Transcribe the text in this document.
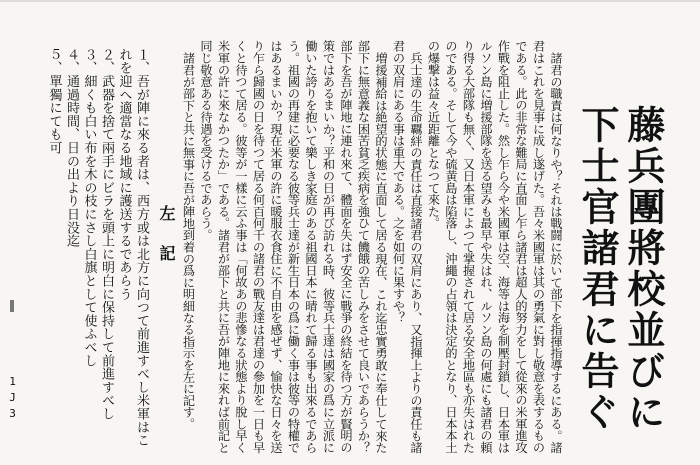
藤兵團將校並びに下士官諸君に告ぐ

諸君の職責は何なりや？それは戰闘に於いて部下を指揮指導するにある。諸君はこれを見事に成し遂げた。吾々米國軍は其の勇氣に對し敬意を表するものである。此の非常な難局に直面し乍ら諸君は超人的努力をして從來の米軍進攻作戰を阻止した。然し乍ら今や米國軍は空、海等は海を制壓封鎖し、日本軍はルソン島に増援部隊を送る望みも最早や失はれ、ルソン島の何處にも諸君の頼り得る大部隊も無く、又日本軍によつて掌握されて居る安全地區も亦失はれたのである。そして今や硫黄島は陷落し、沖繩の占領は決定的となり、日本本土の爆撃は益々近距離となつて來た。

兵士達の生命覊絆の責任は直接諸君の双肩にあり、又指揮上よりの責任も諸君の双肩にある事は重大である。之を如何に果すや？

増援補給は絶望的状態に直面して居る現在、これ迄忠實勇敢に奉仕して來た部下に無意義な困苦貧乏疾病を強ひて饑餓の苦しみをさせて良いであらうか？部下を吾が陣地に連れ來て、體面を失はず安全に戰爭の終結を待つ方が賢明の策ではあるまいか？平和の日が再び訪れる時、彼等兵士達は國家の爲に立派に働いた誇りを抱いて樂しき家庭のある祖國日本に晴れて歸る事も出來るであらう。祖國の再建に必要なる彼等兵士達が新生日本の爲に働く事は彼等の特權ではあるまいか？現在米軍の許に暖服衣食住に不自由を感ぜず、愉快な日々を送り乍ら歸國の日を待つて居る何百何千の諸君の戰友達は君達の參加を一日も早くと待つて居る。彼等が一樣に云ふ事は「何故あの悲慘なる狀態より脫し早く米軍の許に來なかつたか」である。諸君が部下と共に吾が陣地に來れば前記と同じ敬意ある待遇を受けるであらう。

諸君が部下と共に無事に吾が陣地到着の爲に明細なる指示を左に記す。

左記
１、吾が陣に來る者は、西方或は北方に向つて前進すべし米軍はこれを迎へ適當なる地域に護送するであらう
２、武器を捨て兩手にビラを頭上に明白に保持して前進すべし
３、細くも白い布を木の枝にさし白旗として使ふべし
４、通過時間、日の出より日没迄
５、單獨にても可
1J3
